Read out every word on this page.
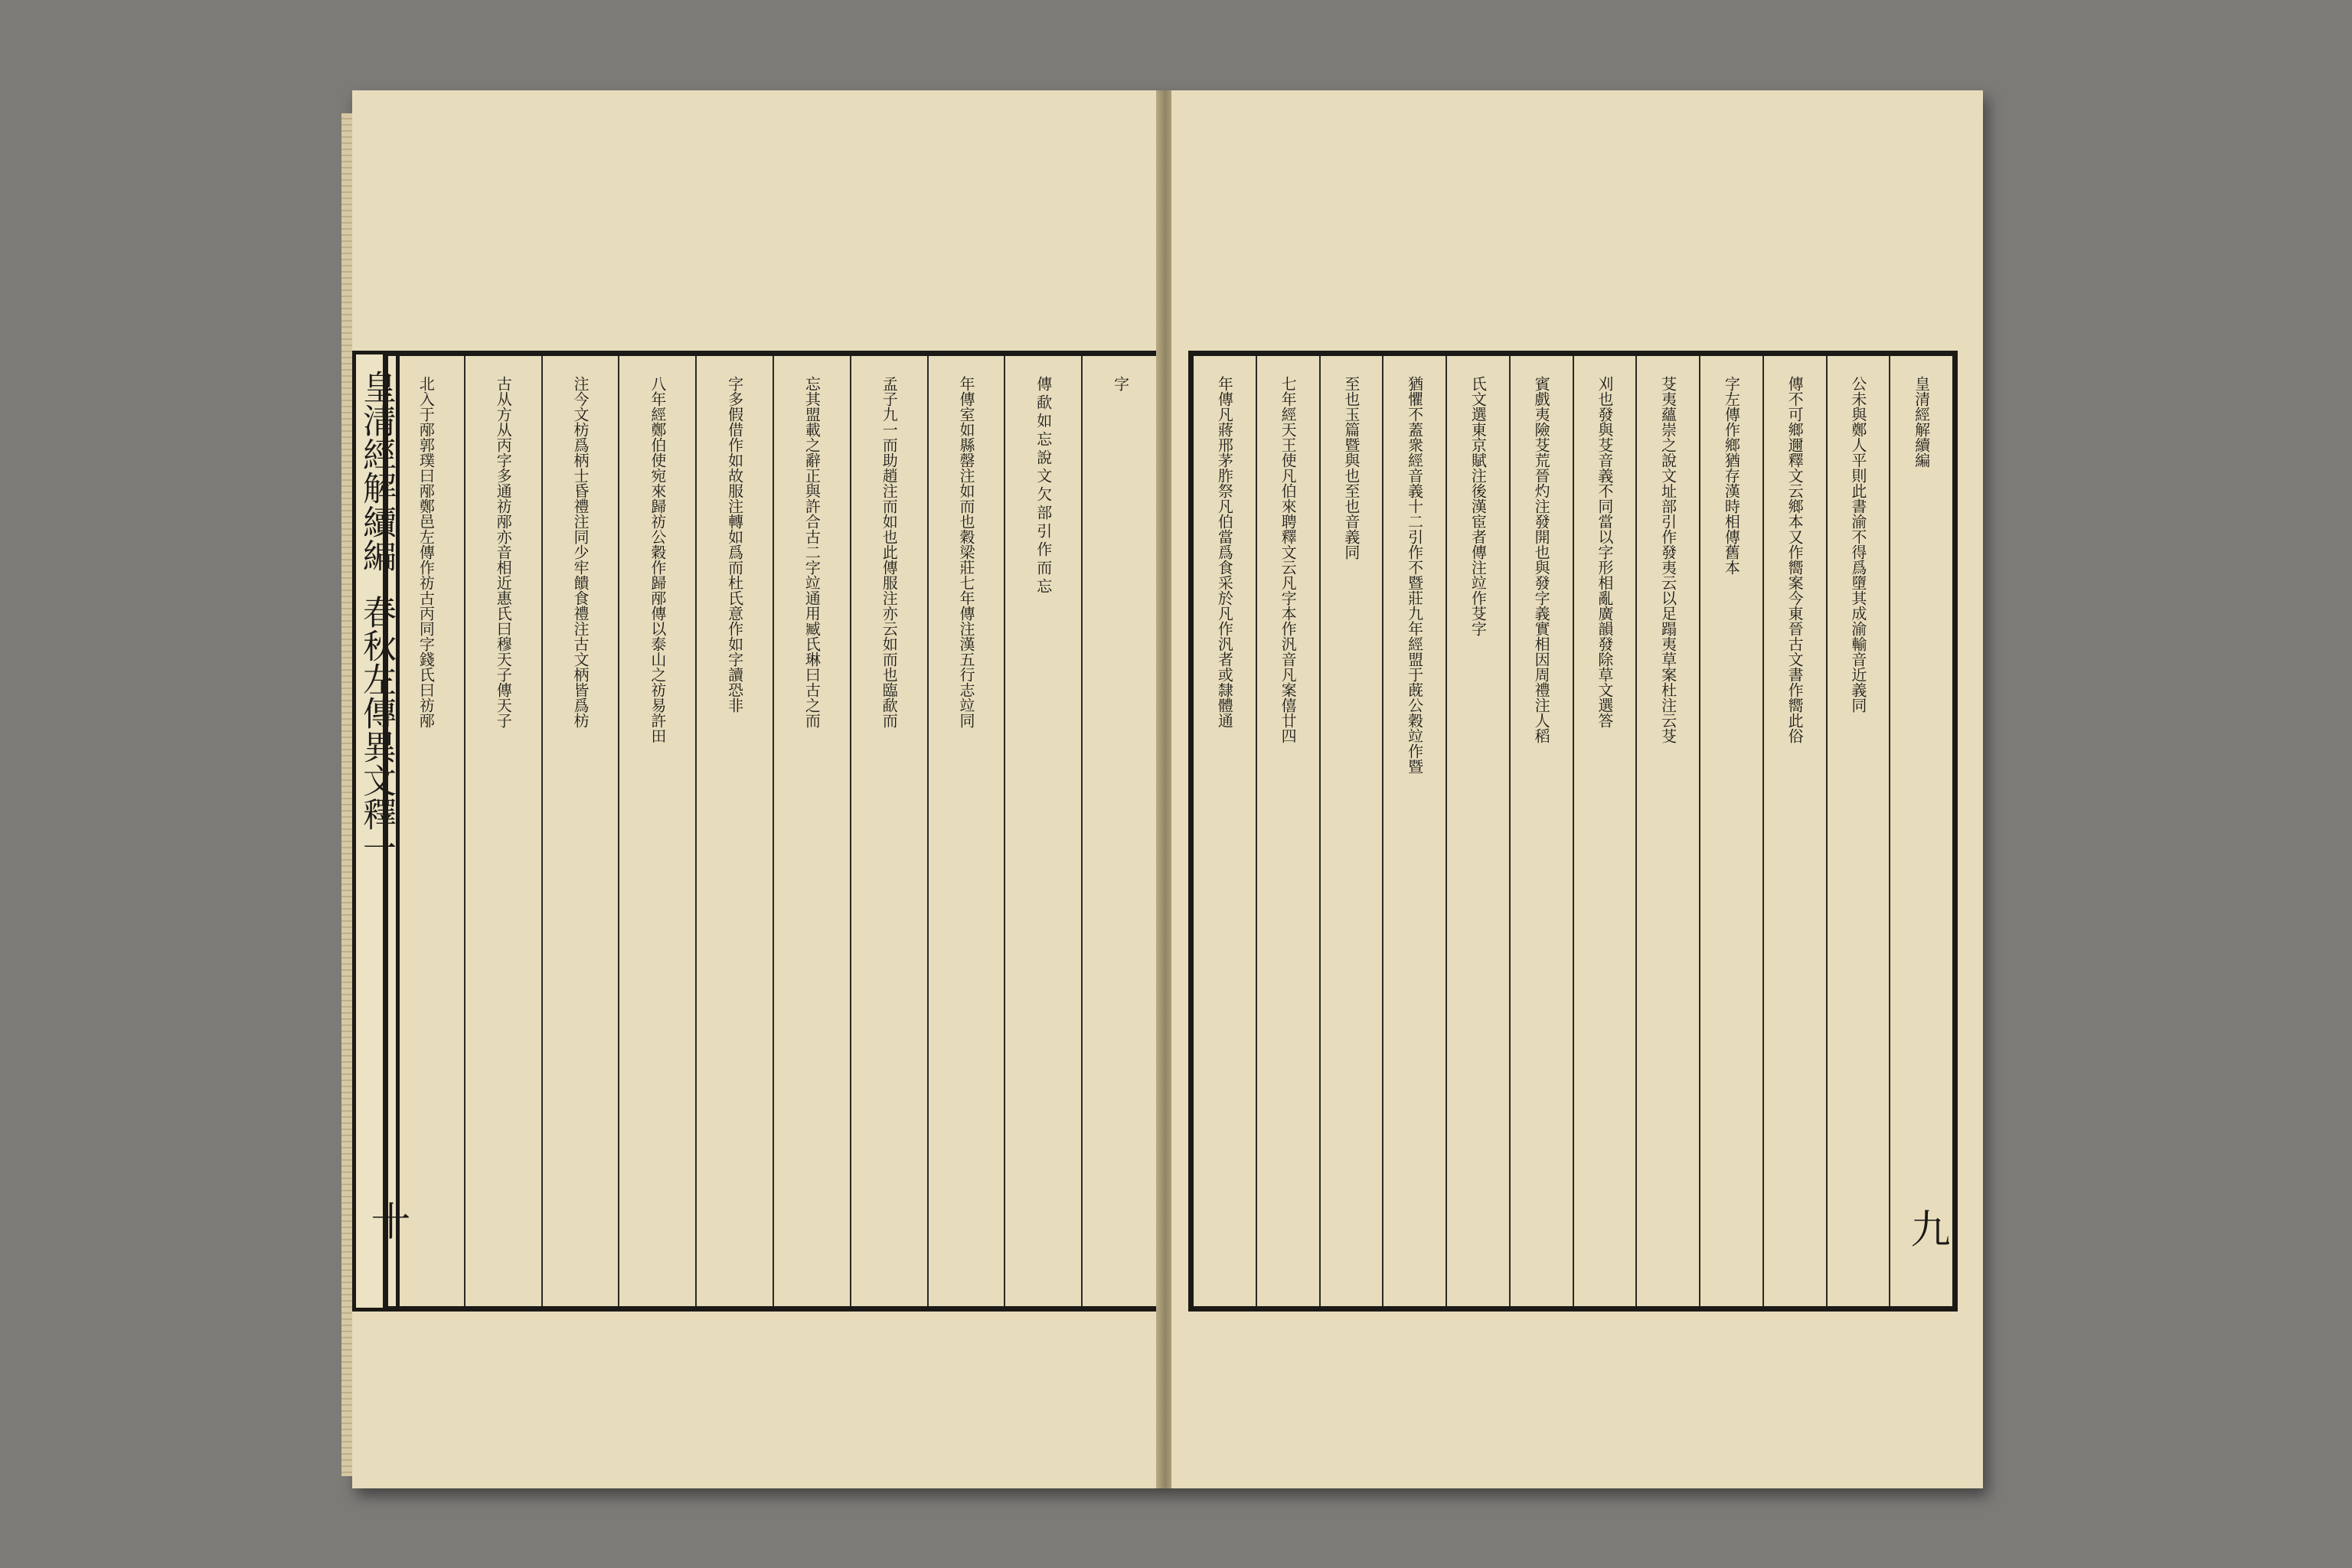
皇清經解續編
春秋左傳異文釋一
十
字
傳歃如忘說文欠部引作而忘
年傳室如縣罄注如而也穀梁莊七年傳注漢五行志竝同
孟子九一而助趙注而如也此傳服注亦云如而也臨歃而
忘其盟載之辭正與許合古二字竝通用臧氏琳曰古之而
字多假借作如故服注轉如爲而杜氏意作如字讀恐非
八年經鄭伯使宛來歸祊公穀作歸邴傳以泰山之祊易許田
注今文枋爲柄士昏禮注同少牢饋食禮注古文柄皆爲枋
古从方从丙字多通祊邴亦音相近惠氏曰穆天子傳天子
北入于邴郭璞曰邴鄭邑左傳作祊古丙同字錢氏曰祊邴
九
皇清經解續編
公未與鄭人平則此書渝不得爲墮其成渝輸音近義同
傳不可鄉邇釋文云鄉本又作嚮案今東晉古文書作嚮此俗
字左傳作鄉猶存漢時相傳舊本
芟夷蘊崇之說文址部引作發夷云以足蹋夷草案杜注云芟
刈也發與芟音義不同當以字形相亂廣韻發除草文選答
賓戲夷險芟荒晉灼注發開也與發字義實相因周禮注人稻
氏文選東京賦注後漢宦者傳注竝作芟字
猶懼不蓋衆經音義十二引作不暨莊九年經盟于蔇公穀竝作暨
至也玉篇暨與也至也音義同
七年經天王使凡伯來聘釋文云凡字本作汎音凡案僖廿四
年傳凡蔣邢茅胙祭凡伯當爲食采於凡作汎者或隸體通
